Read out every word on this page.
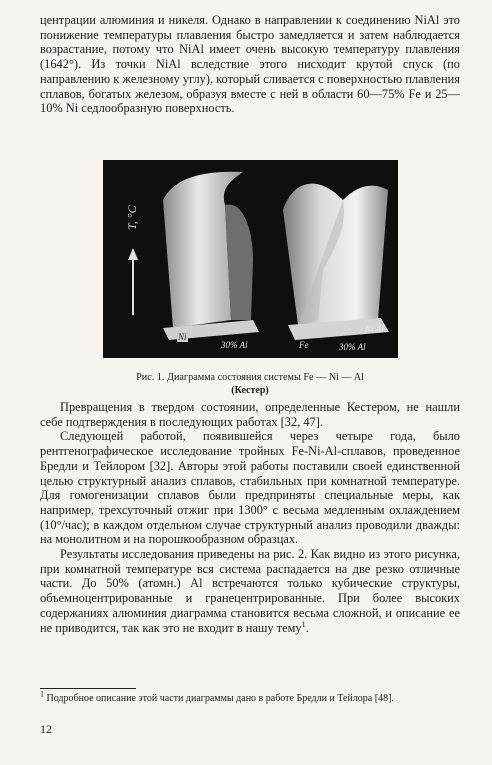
центрации алюминия и никеля. Однако в направлении к соединению NiAl это понижение температуры плавления быстро замедляется и затем наблюдается возрастание, потому что NiAl имеет очень высокую температуру плавления (1642°). Из точки NiAl вследствие этого нисходит крутой спуск (по направлению к железному углу), который сливается с поверхностью плавления сплавов, богатых железом, образуя вместе с ней в области 60—75% Fe и 25—10% Ni седлообразную поверхность.

T, °C
Ni
30% Al	Fe	30% Al
Ni Al
Рис. 1. Диаграмма состояния системы Fe — Ni — Al
(Кестер)

Превращения в твердом состоянии, определенные Кестером, не нашли себе подтверждения в последующих работах [32, 47].

Следующей работой, появившейся через четыре года, было рентгенографическое исследование тройных Fe-Ni-Al-сплавов, проведенное Бредли и Тейлором [32]. Авторы этой работы поставили своей единственной целью структурный анализ сплавов, стабильных при комнатной температуре. Для гомогенизации сплавов были предприняты специальные меры, как например, трехсуточный отжиг при 1300° с весьма медленным охлаждением (10°/час); в каждом отдельном случае структурный анализ проводили дважды: на монолитном и на порошкообразном образцах.

Результаты исследования приведены на рис. 2. Как видно из этого рисунка, при комнатной температуре вся система распадается на две резко отличные части. До 50% (атомн.) Al встречаются только кубические структуры, объемноцентрированные и гранецентрированные. При более высоких содержаниях алюминия диаграмма становится весьма сложной, и описание ее не приводится, так как это не входит в нашу тему$^1$.

$^1$ Подробное описание этой части диаграммы дано в работе Бредли и Тейлора [48].
12
